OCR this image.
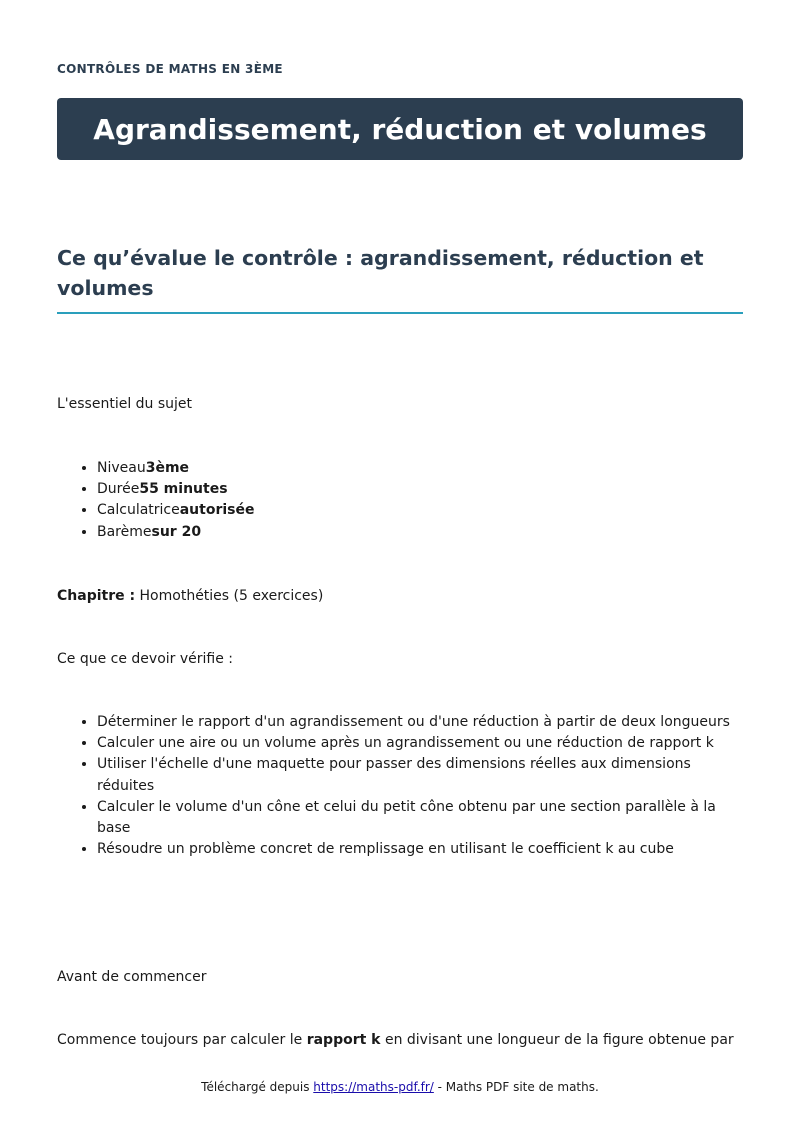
CONTRÔLES DE MATHS EN 3ÈME
Agrandissement, réduction et volumes
Ce qu’évalue le contrôle : agrandissement, réduction et volumes

L'essentiel du sujet

• Niveau3ème
• Durée55 minutes
• Calculatriceautorisée
• Barèmesur 20

Chapitre : Homothéties (5 exercices)

Ce que ce devoir vérifie :

• Déterminer le rapport d'un agrandissement ou d'une réduction à partir de deux longueurs
• Calculer une aire ou un volume après un agrandissement ou une réduction de rapport k
• Utiliser l'échelle d'une maquette pour passer des dimensions réelles aux dimensions réduites
• Calculer le volume d'un cône et celui du petit cône obtenu par une section parallèle à la base
• Résoudre un problème concret de remplissage en utilisant le coefficient k au cube

Avant de commencer

Commence toujours par calculer le rapport k en divisant une longueur de la figure obtenue par

Téléchargé depuis https://maths-pdf.fr/ - Maths PDF site de maths.
